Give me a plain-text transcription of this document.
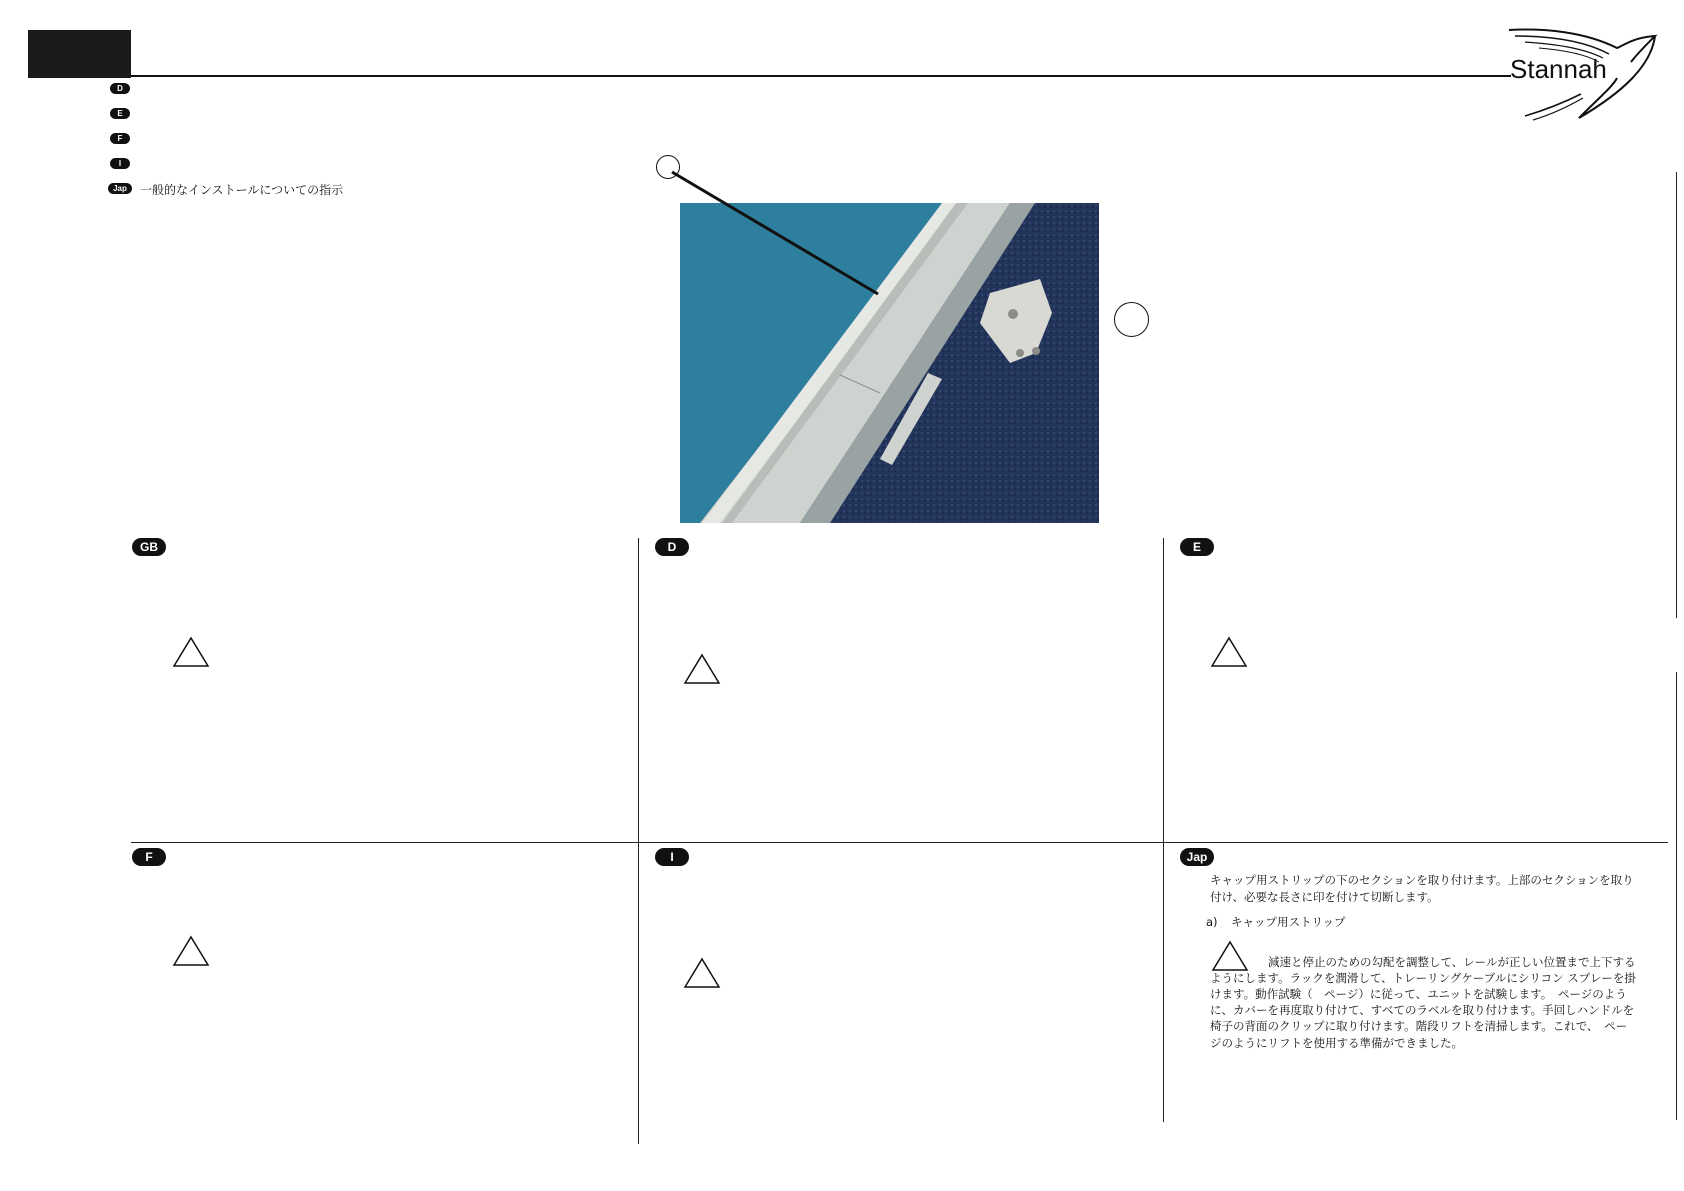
Stannah
D
E
F
I
Jap	一般的なインストールについての指示
GB	D	E
F	I	Jap
キャップ用ストリップの下のセクションを取り付けます。上部のセクションを取り
付け、必要な長さに印を付けて切断します。
a) キャップ用ストリップ
減速と停止のための勾配を調整して、レールが正しい位置まで上下する
ようにします。ラックを潤滑して、トレーリングケーブルにシリコン スプレーを掛
けます。動作試験（　ページ）に従って、ユニットを試験します。　ページのよう
に、カバーを再度取り付けて、すべてのラベルを取り付けます。手回しハンドルを
椅子の背面のクリップに取り付けます。階段リフトを清掃します。これで、　ペー
ジのようにリフトを使用する準備ができました。
